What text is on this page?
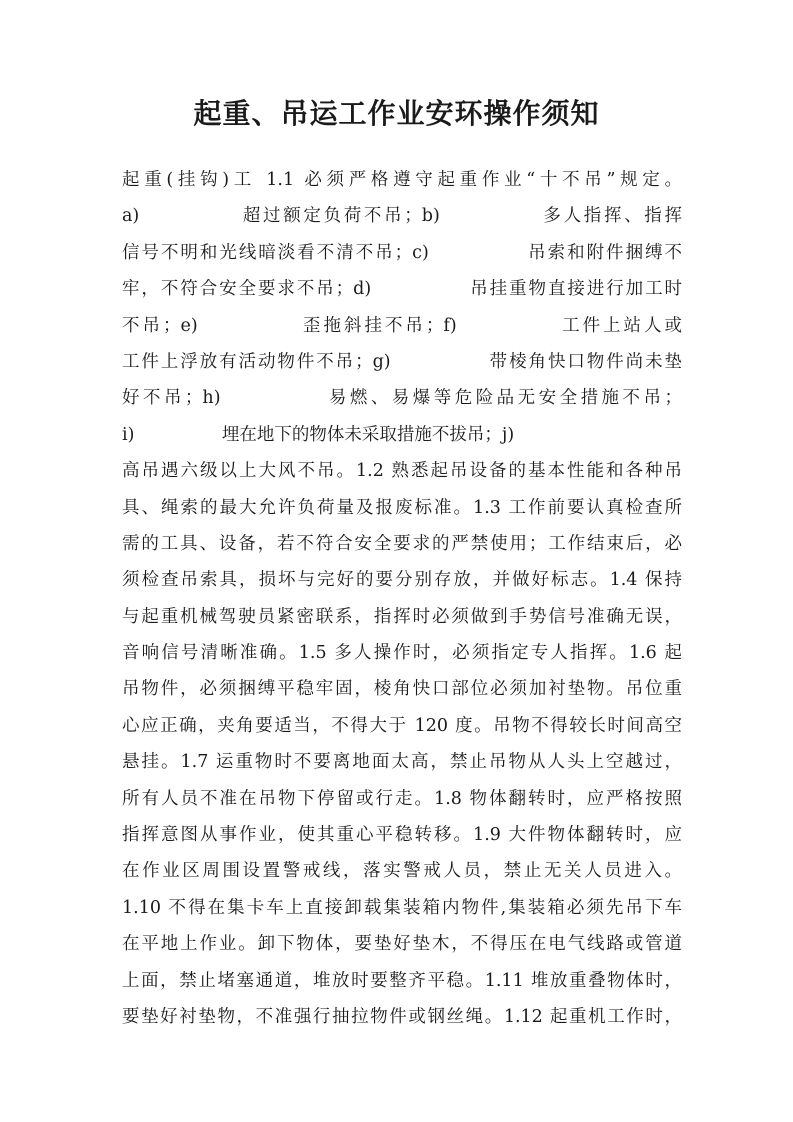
起重、吊运工作业安环操作须知
起重(挂钩)工 1.1 必须严格遵守起重作业“十不吊”规定。
a)　　　　　超过额定负荷不吊；b)　　　　　多人指挥、指挥
信号不明和光线暗淡看不清不吊；c)　　　　　吊索和附件捆缚不
牢，不符合安全要求不吊；d)　　　　　吊挂重物直接进行加工时
不吊；e)　　　　　歪拖斜挂不吊；f)　　　　　工件上站人或
工件上浮放有活动物件不吊；g)　　　　　带棱角快口物件尚未垫
好不吊；h)　　　　　易燃、易爆等危险品无安全措施不吊；
i)　　　　　埋在地下的物体未采取措施不拔吊；j)
高吊遇六级以上大风不吊。1.2 熟悉起吊设备的基本性能和各种吊
具、绳索的最大允许负荷量及报废标准。1.3 工作前要认真检查所
需的工具、设备，若不符合安全要求的严禁使用；工作结束后，必
须检查吊索具，损坏与完好的要分别存放，并做好标志。1.4 保持
与起重机械驾驶员紧密联系，指挥时必须做到手势信号准确无误，
音响信号清晰准确。1.5 多人操作时，必须指定专人指挥。1.6 起
吊物件，必须捆缚平稳牢固，棱角快口部位必须加衬垫物。吊位重
心应正确，夹角要适当，不得大于 120 度。吊物不得较长时间高空
悬挂。1.7 运重物时不要离地面太高，禁止吊物从人头上空越过，
所有人员不准在吊物下停留或行走。1.8 物体翻转时，应严格按照
指挥意图从事作业，使其重心平稳转移。1.9 大件物体翻转时，应
在作业区周围设置警戒线，落实警戒人员，禁止无关人员进入。
1.10 不得在集卡车上直接卸载集装箱内物件,集装箱必须先吊下车
在平地上作业。卸下物体，要垫好垫木，不得压在电气线路或管道
上面，禁止堵塞通道，堆放时要整齐平稳。1.11 堆放重叠物体时，
要垫好衬垫物，不准强行抽拉物件或钢丝绳。1.12 起重机工作时，
